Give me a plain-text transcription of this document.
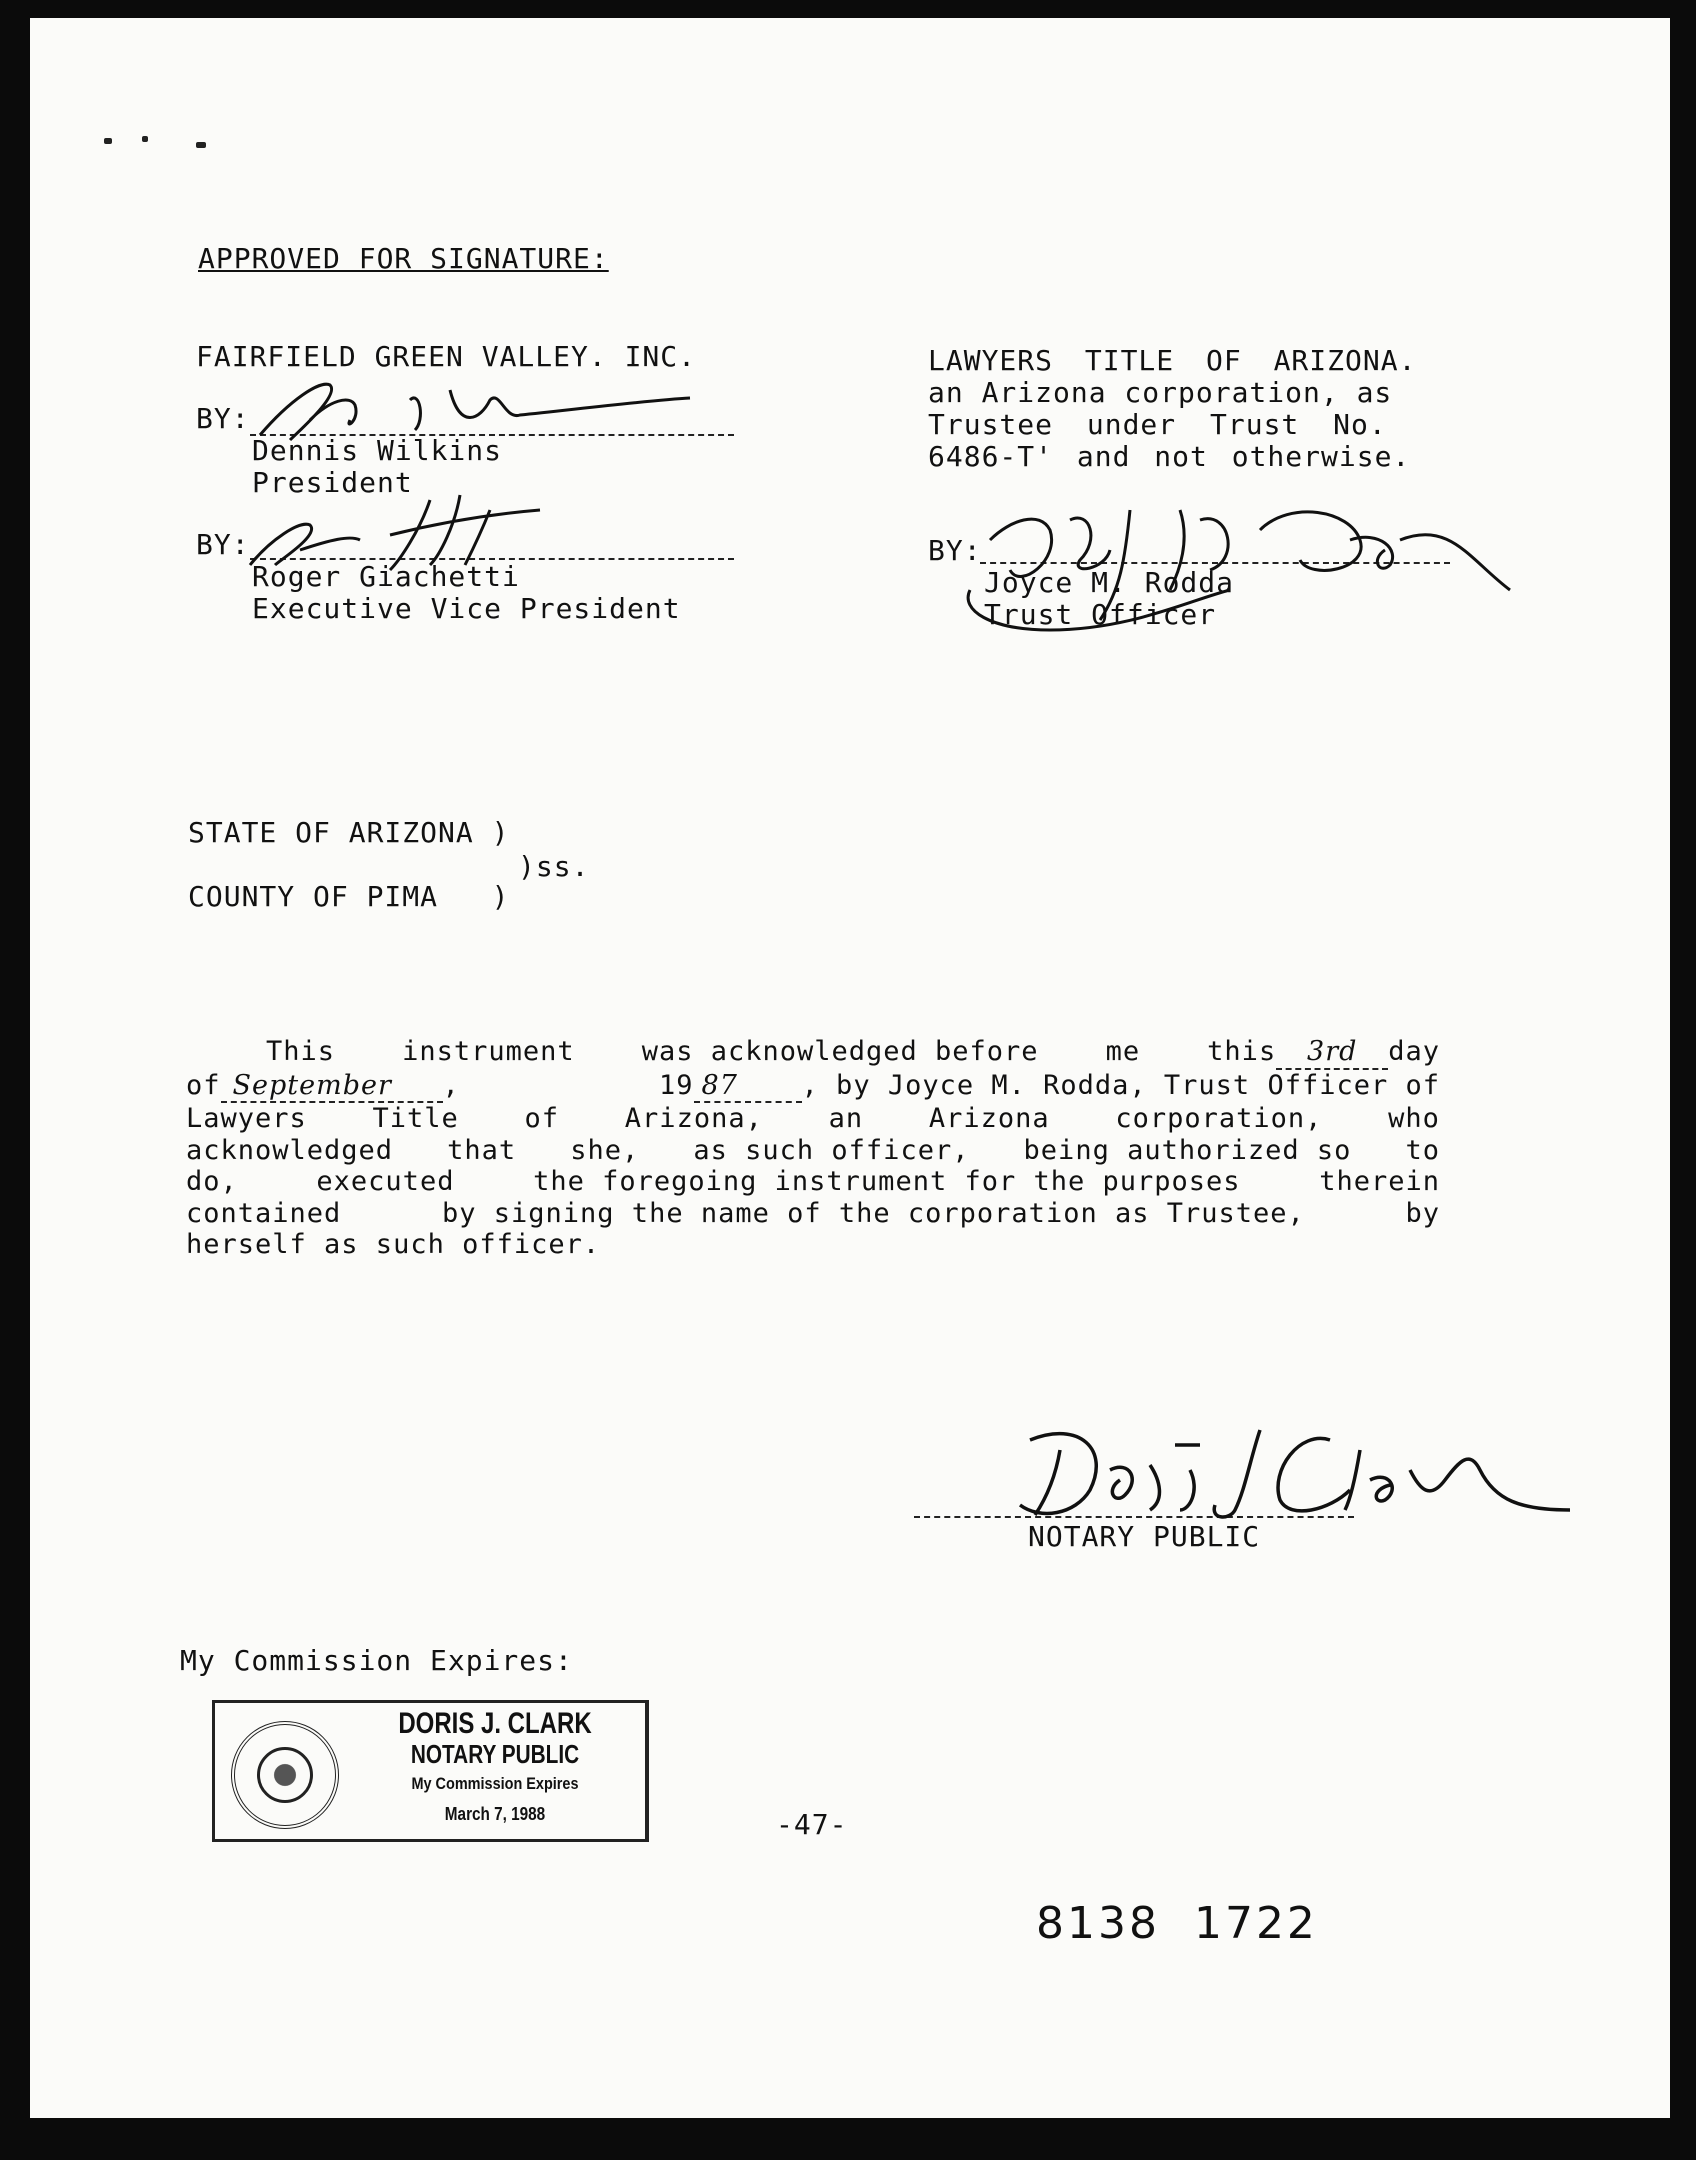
APPROVED FOR SIGNATURE:
FAIRFIELD GREEN VALLEY. INC.
BY:
Dennis Wilkins
President
BY:
Roger Giachetti
Executive Vice President
LAWYERS TITLE OF ARIZONA.
an Arizona corporation, as
Trustee under Trust No.
6486-T' and not otherwise.
BY:
Joyce M. Rodda
Trust Officer
STATE OF ARIZONA )
)ss.
COUNTY OF PIMA   )
This instrument was acknowledged before me this 3rd day
of September ,	19 87 , by Joyce M. Rodda, Trust Officer of
Lawyers Title of Arizona, an Arizona corporation, who
acknowledged that she, as such officer, being authorized so to
do,	executed	the foregoing instrument for the purposes	therein
contained	by signing the name of the corporation as Trustee,	by
herself as such officer.
NOTARY PUBLIC
My Commission Expires:
DORIS J. CLARK
NOTARY PUBLIC
My Commission Expires
March 7, 1988	-47-
8138  1722
